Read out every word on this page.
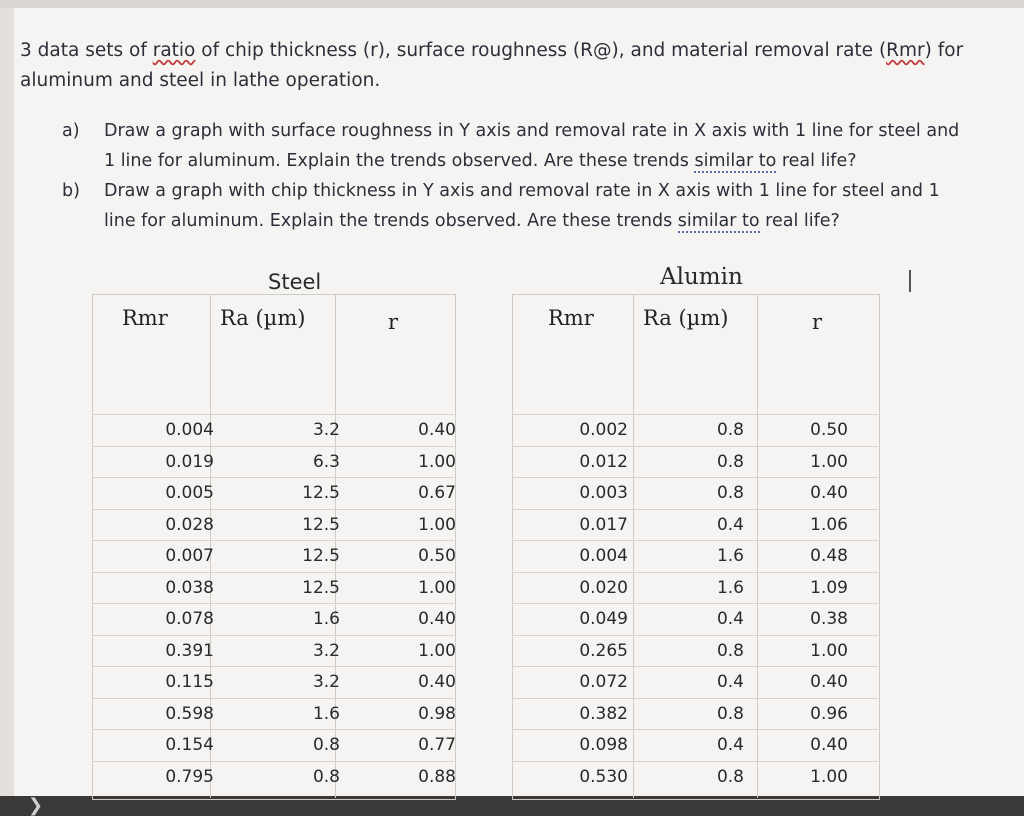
❯
3 data sets of ratio of chip thickness (r), surface roughness (R@), and material removal rate (Rmr) for
aluminum and steel in lathe operation.
a)	Draw a graph with surface roughness in Y axis and removal rate in X axis with 1 line for steel and
1 line for aluminum. Explain the trends observed. Are these trends similar to real life?
b)	Draw a graph with chip thickness in Y axis and removal rate in X axis with 1 line for steel and 1
line for aluminum. Explain the trends observed. Are these trends similar to real life?
Steel
Rmr Ra (µm)	r
0.004	3.2	0.40
0.019	6.3	1.00
0.005	12.5	0.67
0.028	12.5	1.00
0.007	12.5	0.50
0.038	12.5	1.00
0.078	1.6	0.40
0.391	3.2	1.00
0.115	3.2	0.40
0.598	1.6	0.98
0.154	0.8	0.77
0.795	0.8	0.88
Alumin
Rmr Ra (µm)	r
0.002	0.8	0.50
0.012	0.8	1.00
0.003	0.8	0.40
0.017	0.4	1.06
0.004	1.6	0.48
0.020	1.6	1.09
0.049	0.4	0.38
0.265	0.8	1.00
0.072	0.4	0.40
0.382	0.8	0.96
0.098	0.4	0.40
0.530	0.8	1.00
